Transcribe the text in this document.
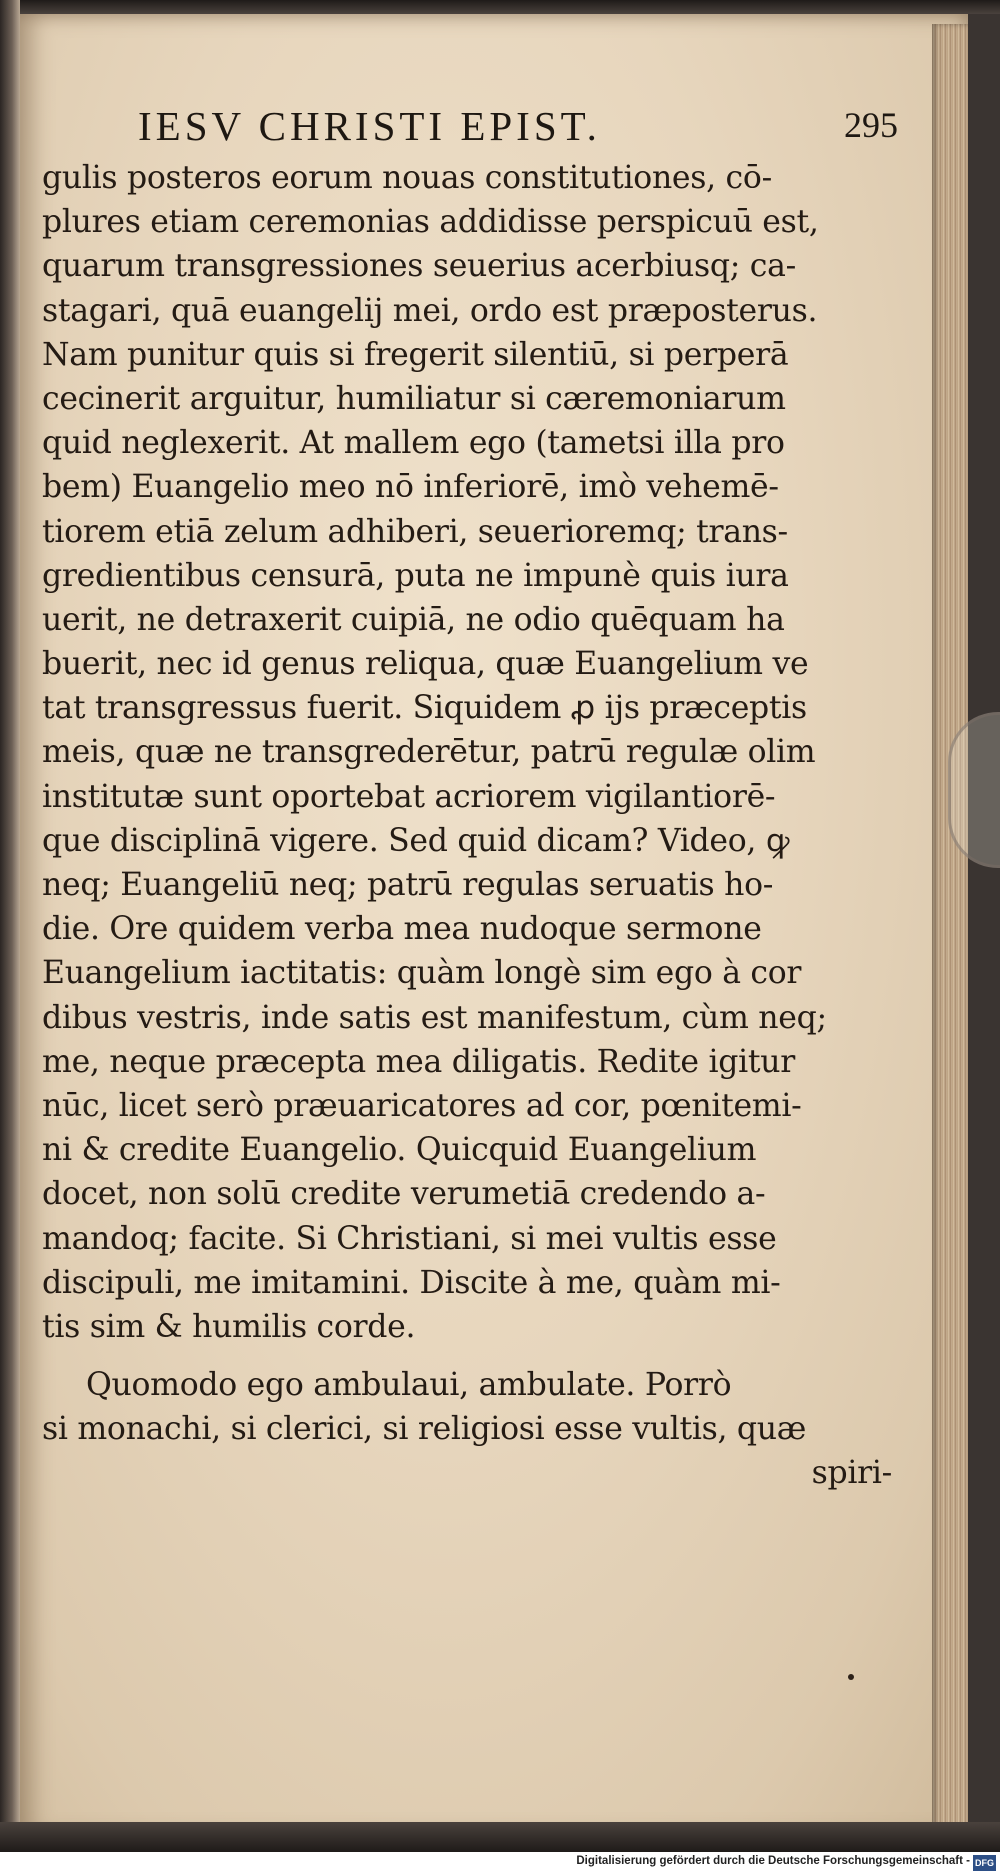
IESV CHRISTI EPIST.	295
gulis posteros eorum nouas constitutiones, cō-
plures etiam ceremonias addidisse perspicuū est,
quarum transgressiones seuerius acerbiusq; ca-
stagari, quā euangelij mei, ordo est præposterus.
Nam punitur quis si fregerit silentiū, si perperā
cecinerit arguitur, humiliatur si cæremoniarum
quid neglexerit. At mallem ego (tametsi illa pro
bem) Euangelio meo nō inferiorē, imò vehemē-
tiorem etiā zelum adhiberi, seuerioremq; trans-
gredientibus censurā, puta ne impunè quis iura
uerit, ne detraxerit cuipiā, ne odio quēquam ha
buerit, nec id genus reliqua, quæ Euangelium ve
tat transgressus fuerit. Siquidem ꝓ ijs præceptis
meis, quæ ne transgrederētur, patrū regulæ olim
institutæ sunt oportebat acriorem vigilantiorē-
que disciplinā vigere. Sed quid dicam? Video, ꝙ
neq; Euangeliū neq; patrū regulas seruatis ho-
die. Ore quidem verba mea nudoque sermone
Euangelium iactitatis: quàm longè sim ego à cor
dibus vestris, inde satis est manifestum, cùm neq;
me, neque præcepta mea diligatis. Redite igitur
nūc, licet serò præuaricatores ad cor, pœnitemi-
ni & credite Euangelio. Quicquid Euangelium
docet, non solū credite verumetiā credendo a-
mandoq; facite. Si Christiani, si mei vultis esse
discipuli, me imitamini. Discite à me, quàm mi-
tis sim & humilis corde.
Quomodo ego ambulaui, ambulate. Porrò
si monachi, si clerici, si religiosi esse vultis, quæ
spiri-
Digitalisierung gefördert durch die Deutsche Forschungsgemeinschaft - DFG
